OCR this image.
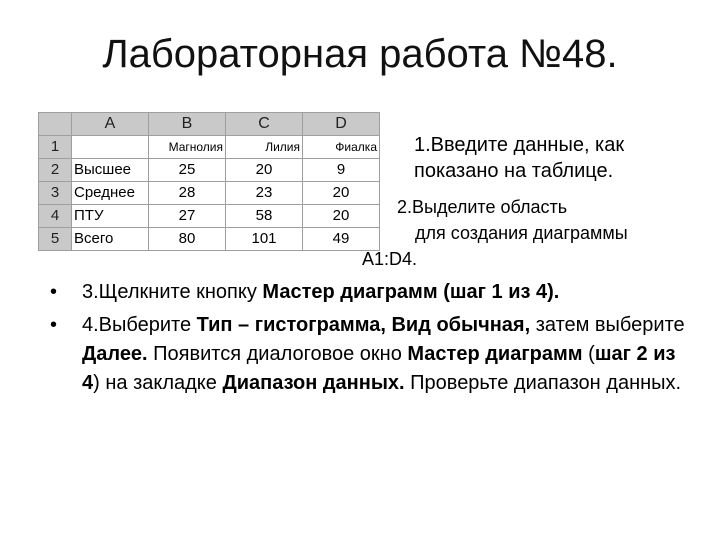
Лабораторная работа №48.
	A	B	C	D
1		Магнолия	Лилия	Фиалка
2	Высшее	25	20	9
3	Среднее	28	23	20
4	ПТУ	27	58	20
5	Всего	80	101	49
1.Введите данные, как показано на таблице.
2.Выделите область
для создания диаграммы
A1:D4.
• 3.Щелкните кнопку Мастер диаграмм (шаг 1 из 4).
• 4.Выберите Тип – гистограмма, Вид обычная, затем выберите Далее. Появится диалоговое окно Мастер диаграмм (шаг 2 из 4) на закладке Диапазон данных. Проверьте диапазон данных.
